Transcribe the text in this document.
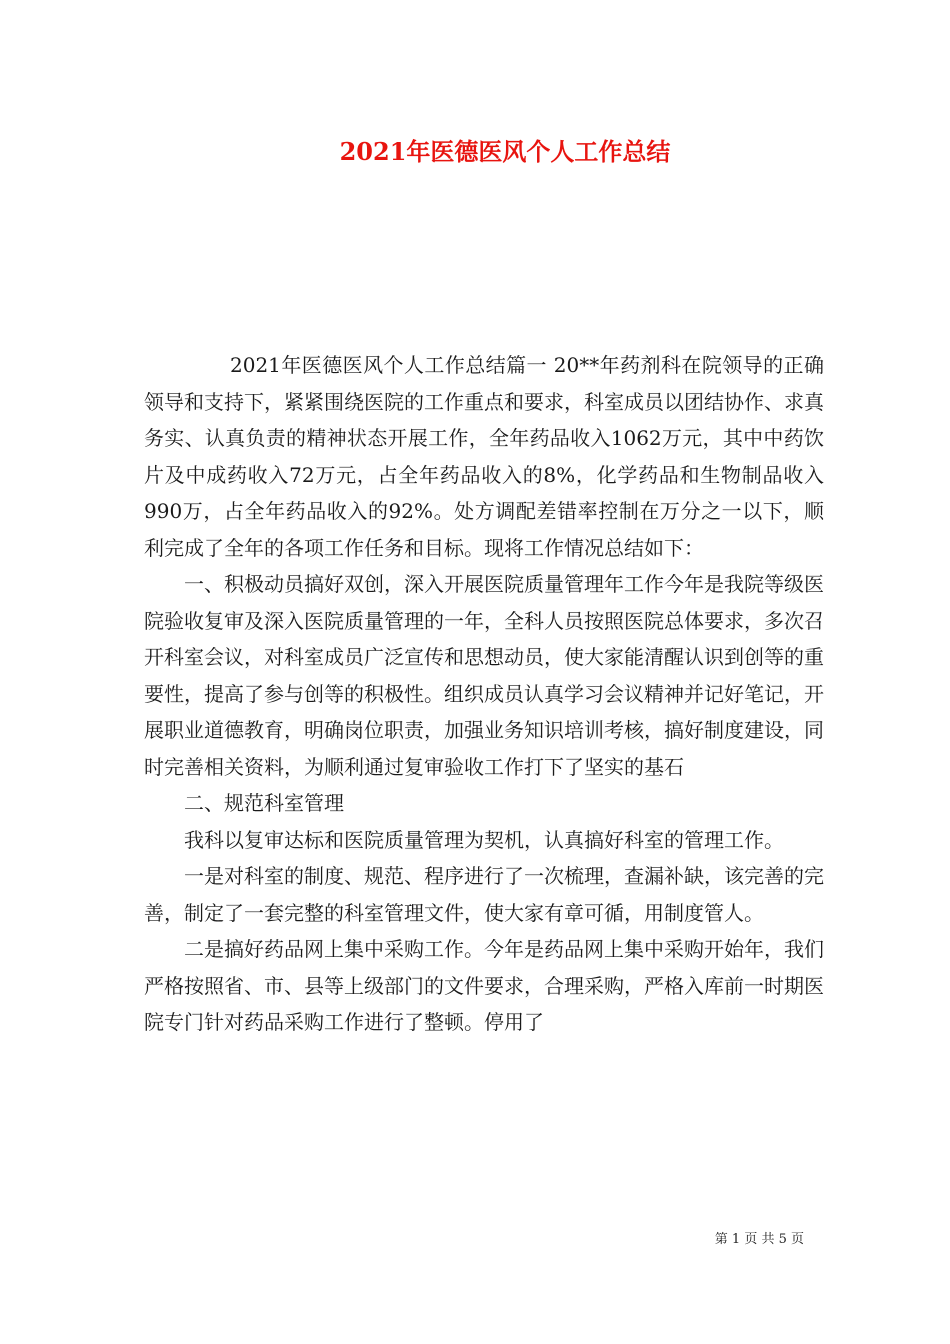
2021年医德医风个人工作总结

2021年医德医风个人工作总结篇一 20**年药剂科在院领导的正确领导和支持下，紧紧围绕医院的工作重点和要求，科室成员以团结协作、求真务实、认真负责的精神状态开展工作，全年药品收入1062万元，其中中药饮片及中成药收入72万元，占全年药品收入的8%，化学药品和生物制品收入990万，占全年药品收入的92%。处方调配差错率控制在万分之一以下，顺利完成了全年的各项工作任务和目标。现将工作情况总结如下：

一、积极动员搞好双创，深入开展医院质量管理年工作今年是我院等级医院验收复审及深入医院质量管理的一年，全科人员按照医院总体要求，多次召开科室会议，对科室成员广泛宣传和思想动员，使大家能清醒认识到创等的重要性，提高了参与创等的积极性。组织成员认真学习会议精神并记好笔记，开展职业道德教育，明确岗位职责，加强业务知识培训考核，搞好制度建设，同时完善相关资料，为顺利通过复审验收工作打下了坚实的基石

二、规范科室管理

我科以复审达标和医院质量管理为契机，认真搞好科室的管理工作。

一是对科室的制度、规范、程序进行了一次梳理，查漏补缺，该完善的完善，制定了一套完整的科室管理文件，使大家有章可循，用制度管人。

二是搞好药品网上集中采购工作。今年是药品网上集中采购开始年，我们严格按照省、市、县等上级部门的文件要求，合理采购，严格入库前一时期医院专门针对药品采购工作进行了整顿。停用了

第 1 页 共 5 页
